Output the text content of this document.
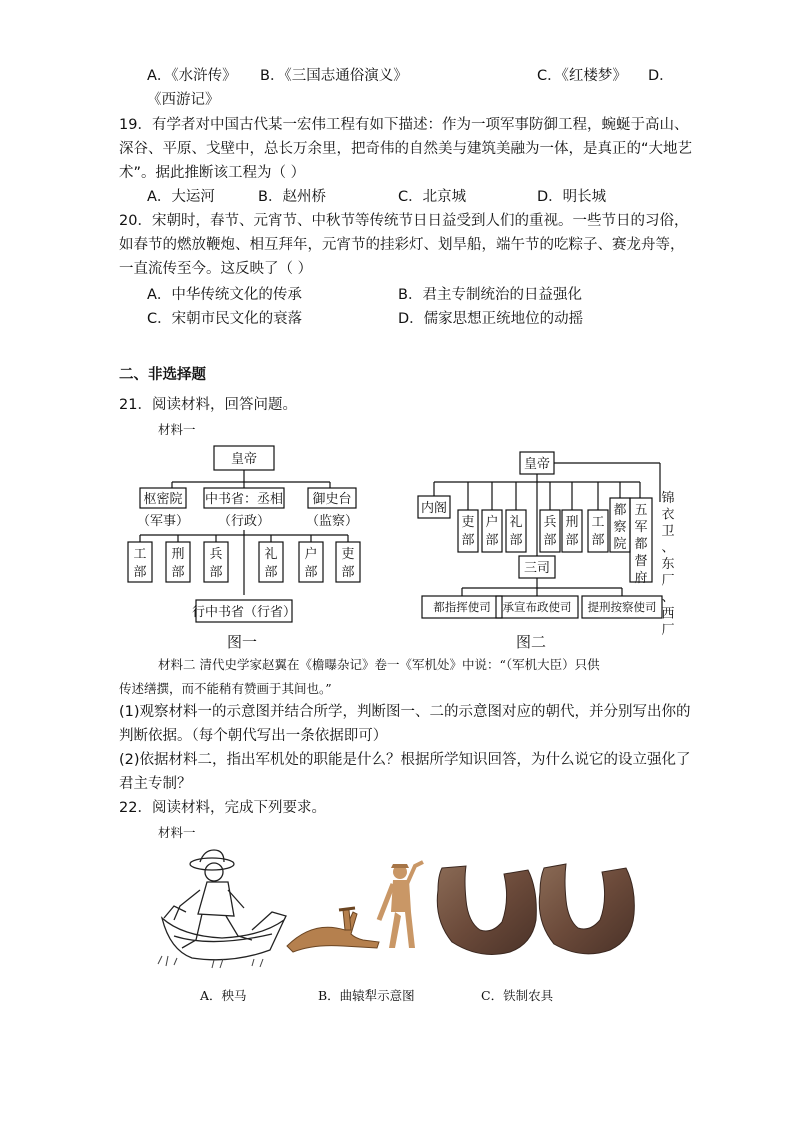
A．《水浒传》 B．《三国志通俗演义》	C．《红楼梦》 D．
《西游记》
19．有学者对中国古代某一宏伟工程有如下描述：作为一项军事防御工程，蜿蜒于高山、
深谷、平原、戈壁中，总长万余里，把奇伟的自然美与建筑美融为一体，是真正的“大地艺
术”。据此推断该工程为（ ）
A．大运河	B．赵州桥	C．北京城	D．明长城
20．宋朝时，春节、元宵节、中秋节等传统节日日益受到人们的重视。一些节日的习俗，
如春节的燃放鞭炮、相互拜年，元宵节的挂彩灯、划旱船，端午节的吃粽子、赛龙舟等，
一直流传至今。这反映了（ ）
A．中华传统文化的传承	B．君主专制统治的日益强化
C．宋朝市民文化的衰落	D．儒家思想正统地位的动摇
二、非选择题
21．阅读材料，回答问题。
材料一
皇帝
枢密院 中书省：丞相 御史台
（军事） （行政）	（监察）
工部
刑部
兵部
礼部
户部
吏部
行中书省（行省）
图一
皇帝
内阁
三司
图二
吏部
户部
礼部
兵部
刑部
工部
都察院
五军都督府
锦衣卫、东厂、西厂
都指挥使司 承宣布政使司 提刑按察使司
材料二 清代史学家赵翼在《檐曝杂记》卷一《军机处》中说：“（军机大臣）只供
传述缮撰，而不能稍有赞画于其间也。”
(1)观察材料一的示意图并结合所学，判断图一、二的示意图对应的朝代，并分别写出你的
判断依据。（每个朝代写出一条依据即可）
(2)依据材料二，指出军机处的职能是什么？根据所学知识回答，为什么说它的设立强化了
君主专制？
22．阅读材料，完成下列要求。
材料一
A．秧马	B．曲辕犁示意图	C．铁制农具
